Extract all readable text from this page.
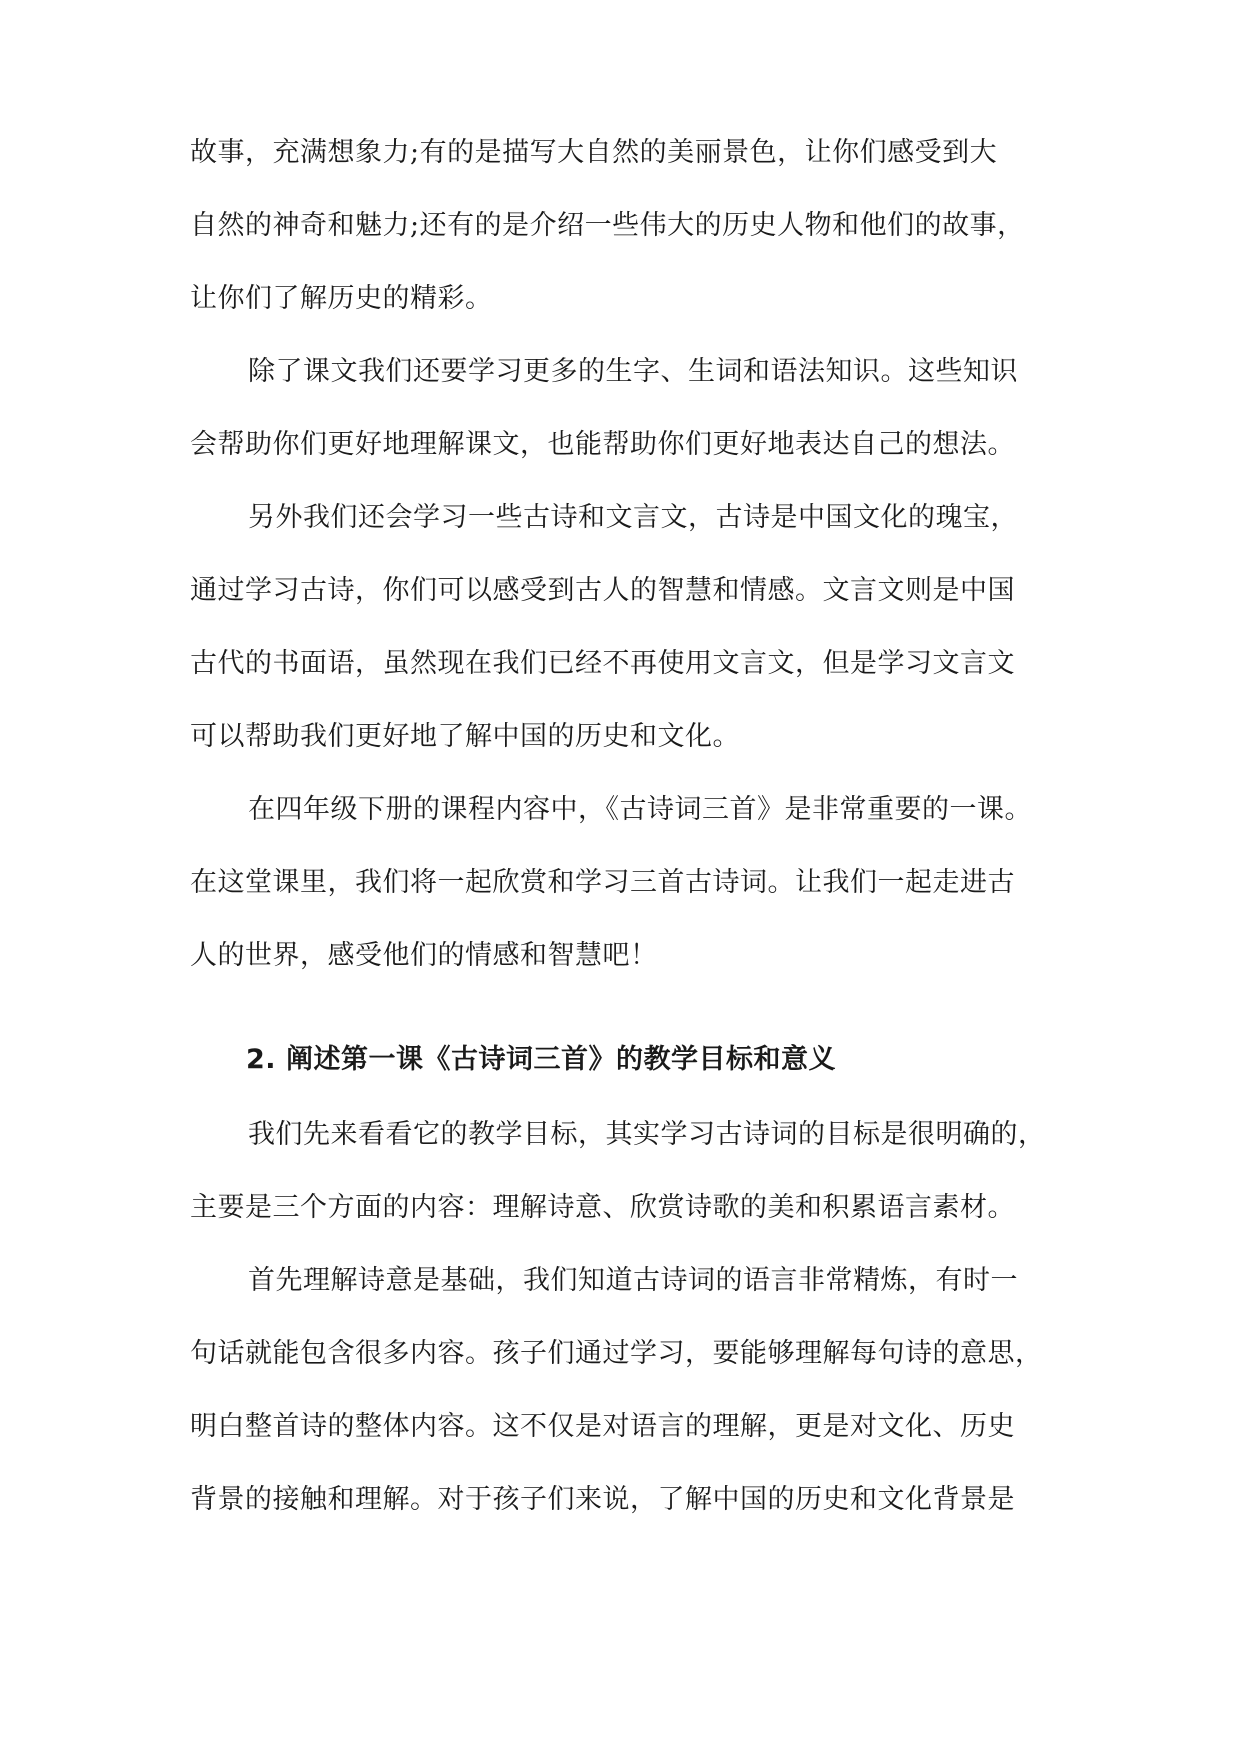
故事，充满想象力;有的是描写大自然的美丽景色，让你们感受到大
自然的神奇和魅力;还有的是介绍一些伟大的历史人物和他们的故事，
让你们了解历史的精彩。
除了课文我们还要学习更多的生字、生词和语法知识。这些知识
会帮助你们更好地理解课文，也能帮助你们更好地表达自己的想法。
另外我们还会学习一些古诗和文言文，古诗是中国文化的瑰宝，
通过学习古诗，你们可以感受到古人的智慧和情感。文言文则是中国
古代的书面语，虽然现在我们已经不再使用文言文，但是学习文言文
可以帮助我们更好地了解中国的历史和文化。
在四年级下册的课程内容中，《古诗词三首》是非常重要的一课。
在这堂课里，我们将一起欣赏和学习三首古诗词。让我们一起走进古
人的世界，感受他们的情感和智慧吧！
2. 阐述第一课《古诗词三首》的教学目标和意义
我们先来看看它的教学目标，其实学习古诗词的目标是很明确的，
主要是三个方面的内容：理解诗意、欣赏诗歌的美和积累语言素材。
首先理解诗意是基础，我们知道古诗词的语言非常精炼，有时一
句话就能包含很多内容。孩子们通过学习，要能够理解每句诗的意思，
明白整首诗的整体内容。这不仅是对语言的理解，更是对文化、历史
背景的接触和理解。对于孩子们来说，了解中国的历史和文化背景是
